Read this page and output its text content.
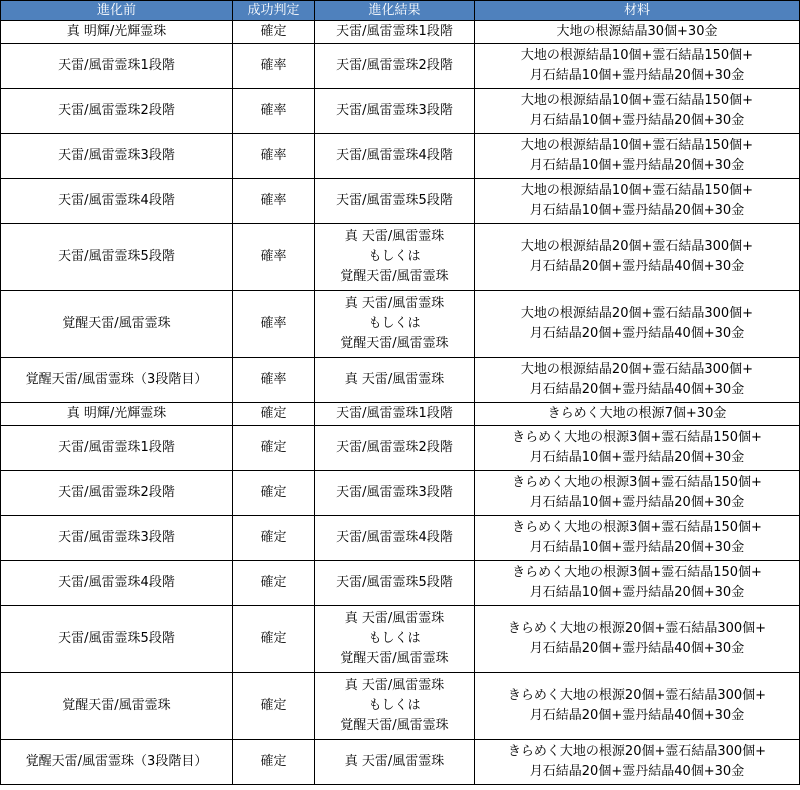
進化前	成功判定	進化結果	材料
真 明輝/光輝霊珠	確定	天雷/風雷霊珠1段階	大地の根源結晶30個+30金

天雷/風雷霊珠1段階	確率	天雷/風雷霊珠2段階	大地の根源結晶10個+霊石結晶150個+
月石結晶10個+霊丹結晶20個+30金

天雷/風雷霊珠2段階	確率	天雷/風雷霊珠3段階	大地の根源結晶10個+霊石結晶150個+
月石結晶10個+霊丹結晶20個+30金

天雷/風雷霊珠3段階	確率	天雷/風雷霊珠4段階	大地の根源結晶10個+霊石結晶150個+
月石結晶10個+霊丹結晶20個+30金

天雷/風雷霊珠4段階	確率	天雷/風雷霊珠5段階	大地の根源結晶10個+霊石結晶150個+
月石結晶10個+霊丹結晶20個+30金

天雷/風雷霊珠5段階	確率	真 天雷/風雷霊珠
もしくは
覚醒天雷/風雷霊珠	大地の根源結晶20個+霊石結晶300個+
月石結晶20個+霊丹結晶40個+30金

覚醒天雷/風雷霊珠	確率	真 天雷/風雷霊珠
もしくは
覚醒天雷/風雷霊珠	大地の根源結晶20個+霊石結晶300個+
月石結晶20個+霊丹結晶40個+30金

覚醒天雷/風雷霊珠（3段階目）	確率	真 天雷/風雷霊珠	大地の根源結晶20個+霊石結晶300個+
月石結晶20個+霊丹結晶40個+30金

真 明輝/光輝霊珠	確定	天雷/風雷霊珠1段階	きらめく大地の根源7個+30金

天雷/風雷霊珠1段階	確定	天雷/風雷霊珠2段階	きらめく大地の根源3個+霊石結晶150個+
月石結晶10個+霊丹結晶20個+30金

天雷/風雷霊珠2段階	確定	天雷/風雷霊珠3段階	きらめく大地の根源3個+霊石結晶150個+
月石結晶10個+霊丹結晶20個+30金

天雷/風雷霊珠3段階	確定	天雷/風雷霊珠4段階	きらめく大地の根源3個+霊石結晶150個+
月石結晶10個+霊丹結晶20個+30金

天雷/風雷霊珠4段階	確定	天雷/風雷霊珠5段階	きらめく大地の根源3個+霊石結晶150個+
月石結晶10個+霊丹結晶20個+30金

天雷/風雷霊珠5段階	確定	真 天雷/風雷霊珠
もしくは
覚醒天雷/風雷霊珠	きらめく大地の根源20個+霊石結晶300個+
月石結晶20個+霊丹結晶40個+30金

覚醒天雷/風雷霊珠	確定	真 天雷/風雷霊珠
もしくは
覚醒天雷/風雷霊珠	きらめく大地の根源20個+霊石結晶300個+
月石結晶20個+霊丹結晶40個+30金

覚醒天雷/風雷霊珠（3段階目）	確定	真 天雷/風雷霊珠	きらめく大地の根源20個+霊石結晶300個+
月石結晶20個+霊丹結晶40個+30金
